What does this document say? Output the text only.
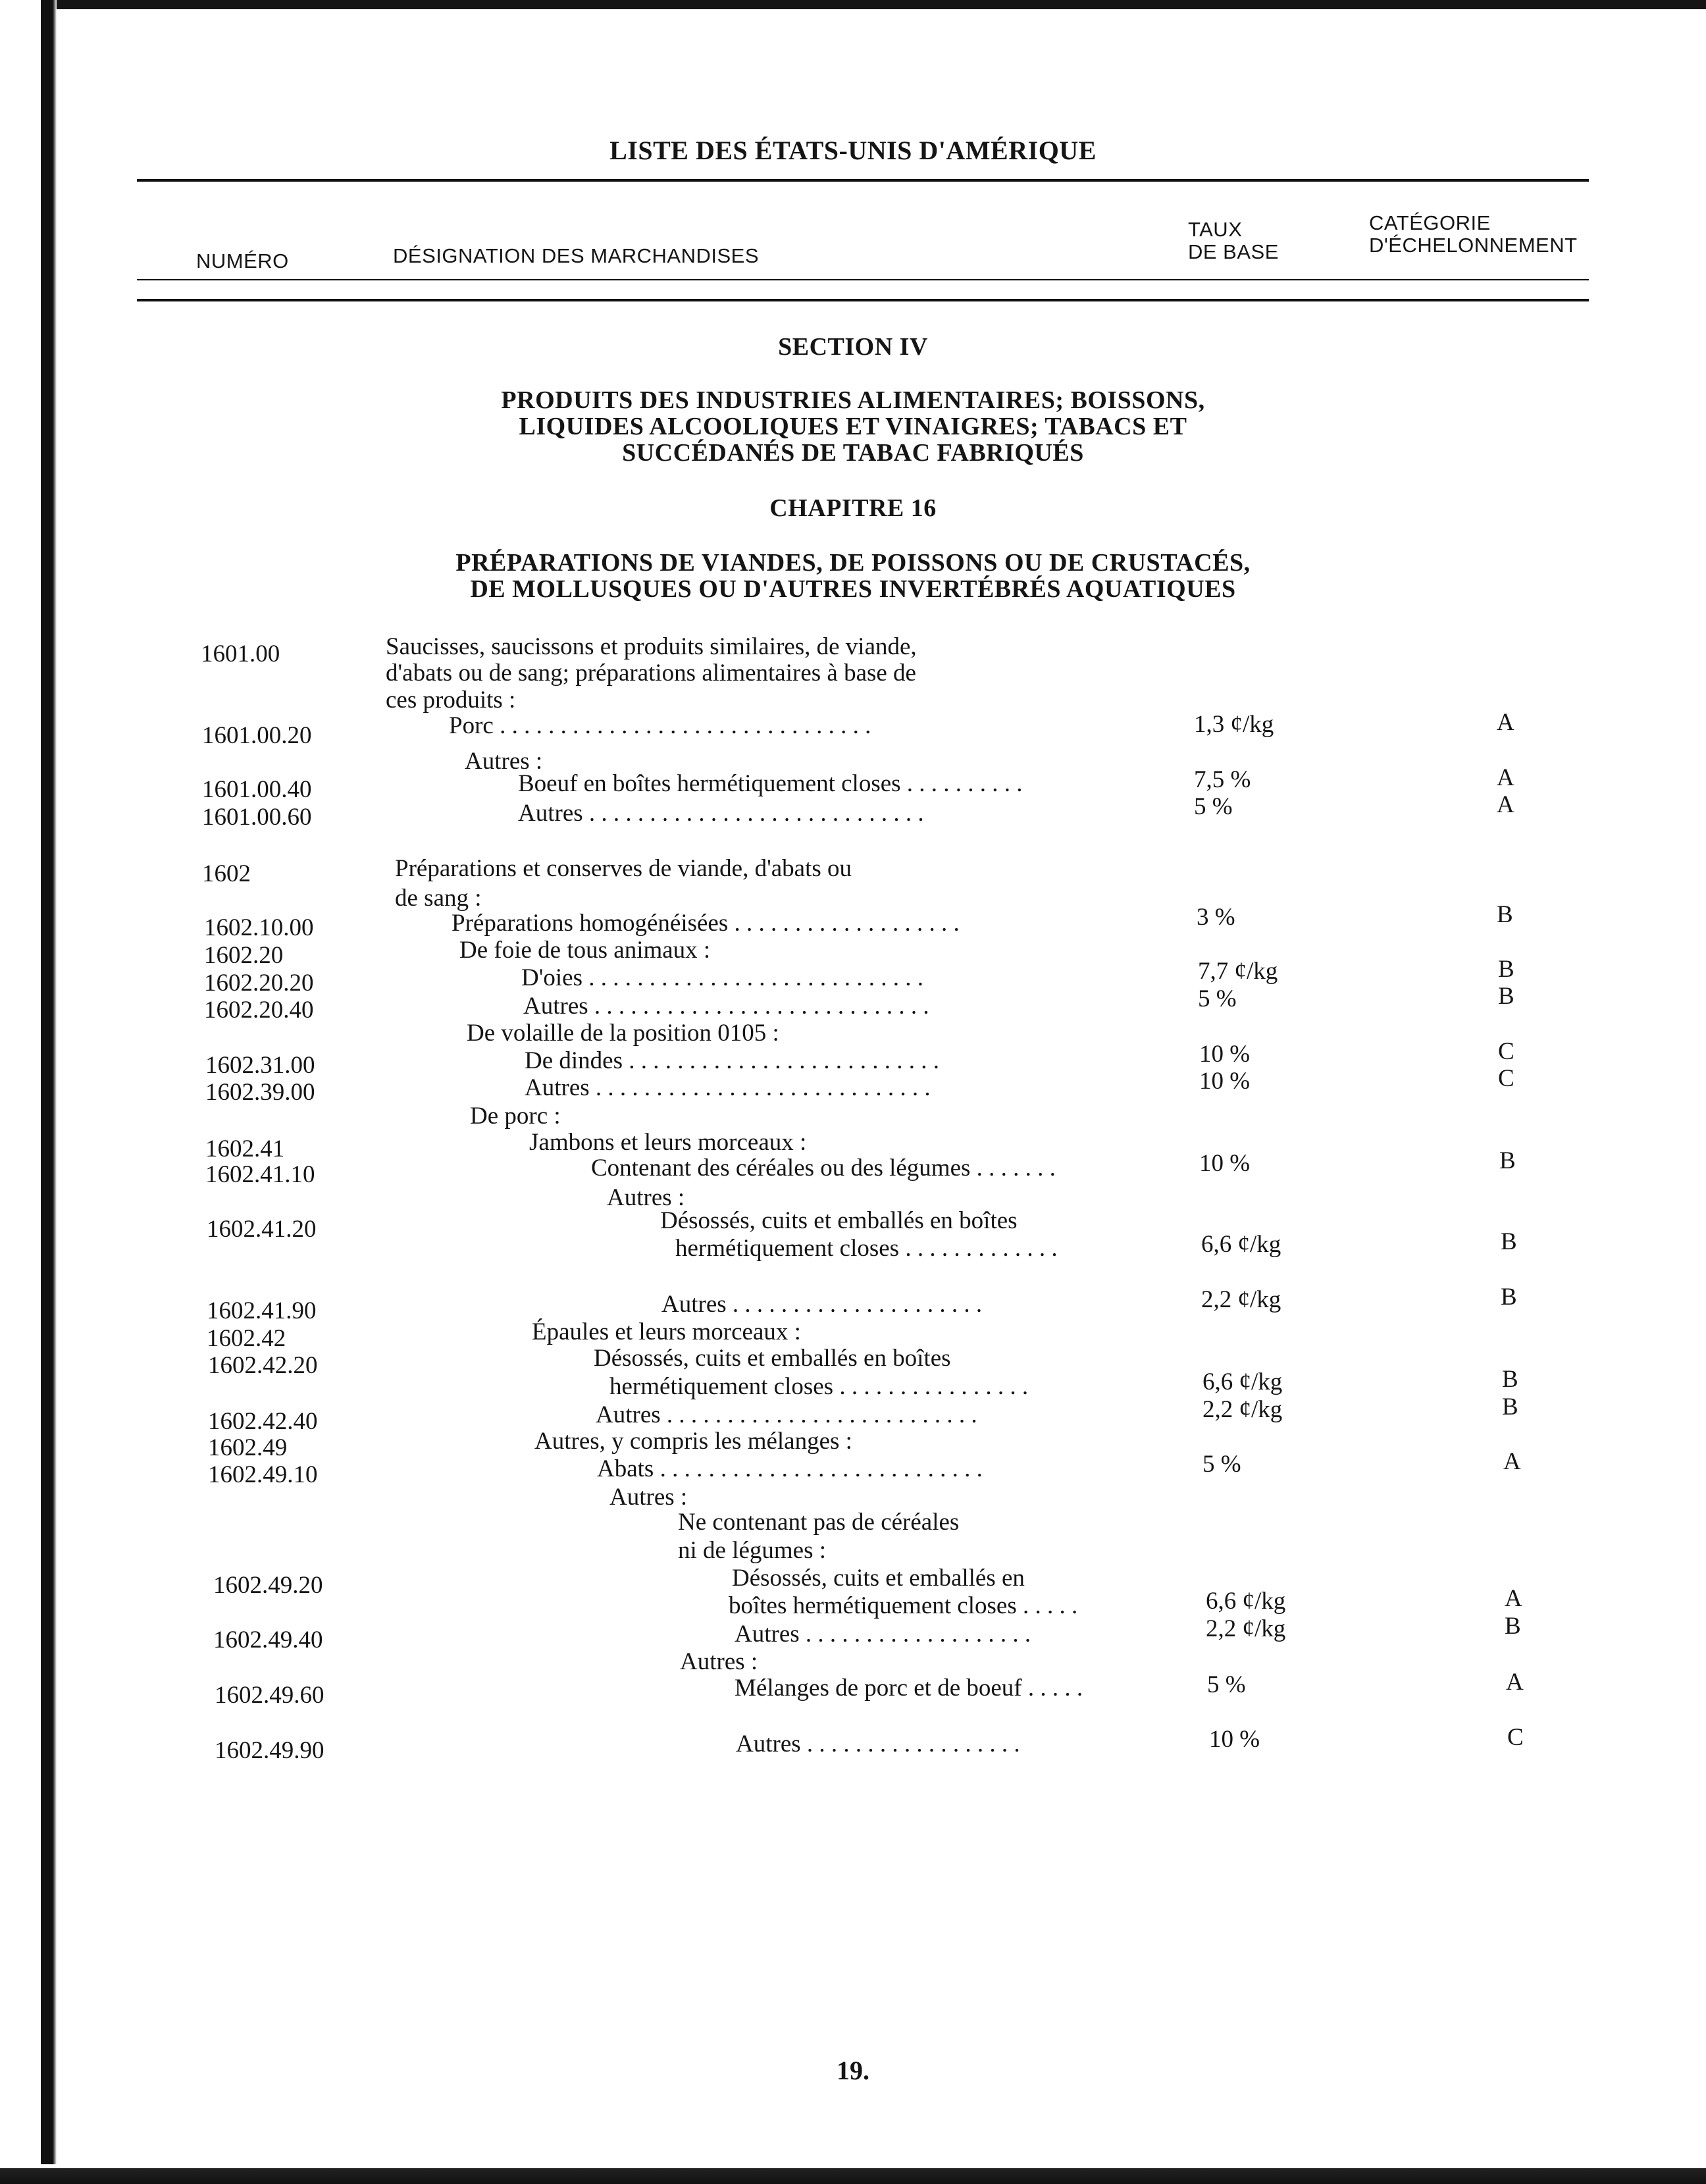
LISTE DES ÉTATS-UNIS D'AMÉRIQUE
NUMÉRO	DÉSIGNATION DES MARCHANDISES
TAUX
DE BASE
CATÉGORIE
D'ÉCHELONNEMENT
SECTION IV
PRODUITS DES INDUSTRIES ALIMENTAIRES; BOISSONS,
LIQUIDES ALCOOLIQUES ET VINAIGRES; TABACS ET
SUCCÉDANÉS DE TABAC FABRIQUÉS
CHAPITRE 16
PRÉPARATIONS DE VIANDES, DE POISSONS OU DE CRUSTACÉS,
DE MOLLUSQUES OU D'AUTRES INVERTÉBRÉS AQUATIQUES
Saucisses, saucissons et produits similaires, de viande,
d'abats ou de sang; préparations alimentaires à base de
ces produits :
Porc . . . . . . . . . . . . . . . . . . . . . . . . . . . . . . .
Autres :
Boeuf en boîtes hermétiquement closes . . . . . . . . . .
Autres . . . . . . . . . . . . . . . . . . . . . . . . . . . .
Préparations et conserves de viande, d'abats ou
de sang :
Préparations homogénéisées . . . . . . . . . . . . . . . . . . .
De foie de tous animaux :
D'oies . . . . . . . . . . . . . . . . . . . . . . . . . . . .
Autres . . . . . . . . . . . . . . . . . . . . . . . . . . . .
De volaille de la position 0105 :
De dindes . . . . . . . . . . . . . . . . . . . . . . . . . .
Autres . . . . . . . . . . . . . . . . . . . . . . . . . . . .
De porc :
Jambons et leurs morceaux :
Contenant des céréales ou des légumes . . . . . . .
Autres :
Désossés, cuits et emballés en boîtes
hermétiquement closes . . . . . . . . . . . . .
Autres . . . . . . . . . . . . . . . . . . . . .
Épaules et leurs morceaux :
Désossés, cuits et emballés en boîtes
hermétiquement closes . . . . . . . . . . . . . . . .
Autres . . . . . . . . . . . . . . . . . . . . . . . . . .
Autres, y compris les mélanges :
Abats . . . . . . . . . . . . . . . . . . . . . . . . . . .
Autres :
Ne contenant pas de céréales
ni de légumes :
Désossés, cuits et emballés en
boîtes hermétiquement closes . . . . .
Autres . . . . . . . . . . . . . . . . . . .
Autres :
Mélanges de porc et de boeuf . . . . .
Autres . . . . . . . . . . . . . . . . . .
1601.00
1601.00.20
1601.00.40
1601.00.60
1602
1602.10.00
1602.20
1602.20.20
1602.20.40
1602.31.00
1602.39.00
1602.41
1602.41.10
1602.41.20
1602.41.90
1602.42
1602.42.20
1602.42.40
1602.49
1602.49.10
1602.49.20
1602.49.40
1602.49.60
1602.49.90
1,3 ¢/kg
7,5 %
5 %
3 %
7,7 ¢/kg
5 %
10 %
10 %
10 %
6,6 ¢/kg
2,2 ¢/kg
6,6 ¢/kg
2,2 ¢/kg
5 %
6,6 ¢/kg
2,2 ¢/kg
5 %
10 %
A
A
A
B
B
B
C
C
B
B
B
B
B
A
A
B
A
C
19.
